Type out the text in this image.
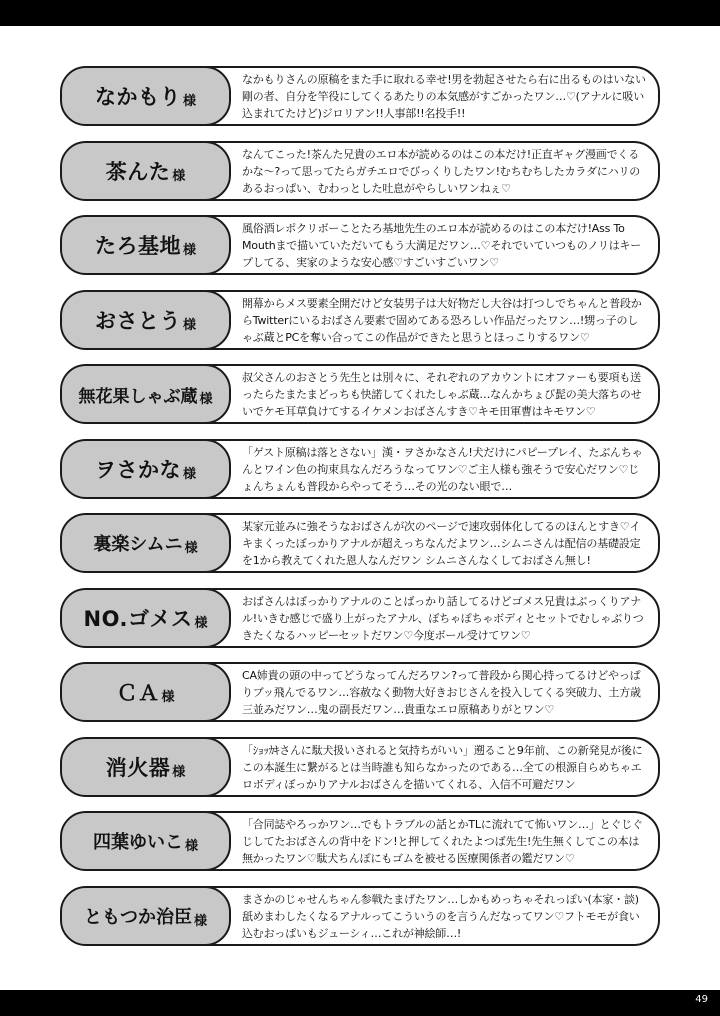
なかもり 様
なかもりさんの原稿をまた手に取れる幸せ!男を勃起させたら右に出るものはいない剛の者、自分を竿役にしてくるあたりの本気感がすごかったワン…♡(アナルに吸い込まれてたけど)ジロリアン!!人事部!!名投手!!
茶んた 様
なんてこった!茶んた兄貴のエロ本が読めるのはこの本だけ!正直ギャグ漫画でくるかな〜?って思ってたらガチエロでびっくりしたワン!むちむちしたカラダにハリのあるおっぱい、むわっとした吐息がやらしいワンねぇ♡
たろ基地 様
風俗酒レポクリボーことたろ基地先生のエロ本が読めるのはこの本だけ!Ass To Mouthまで描いていただいてもう大満足だワン…♡それでいていつものノリはキープしてる、実家のような安心感♡すごいすごいワン♡
おさとう 様
開幕からメス要素全開だけど女装男子は大好物だし大谷は打つしでちゃんと普段からTwitterにいるおばさん要素で固めてある恐ろしい作品だったワン…!甥っ子のしゃぶ蔵とPCを奪い合ってこの作品ができたと思うとほっこりするワン♡
無花果しゃぶ蔵 様
叔父さんのおさとう先生とは別々に、それぞれのアカウントにオファーも要項も送ったらたまたまどっちも快諾してくれたしゃぶ蔵…なんかちょび髭の美大落ちのせいでケモ耳草負けてするイケメンおばさんすき♡キモ田軍曹はキモワン♡
ヲさかな 様
「ゲスト原稿は落とさない」漢・ヲさかなさん!犬だけにパピープレイ、たぶんちゃんとワイン色の拘束具なんだろうなってワン♡ご主人様も強そうで安心だワン♡じょんちょんも普段からやってそう…その光のない眼で…
裏楽シムニ 様
某家元並みに強そうなおばさんが次のページで速攻弱体化してるのほんとすき♡イキまくったぼっかりアナルが超えっちなんだよワン…シムニさんは配信の基礎設定を1から教えてくれた恩人なんだワン シムニさんなくしておばさん無し!
NO.ゴメス 様
おばさんはぼっかりアナルのことばっかり話してるけどゴメス兄貴はぶっくりアナル!いきむ感じで盛り上がったアナル、ぽちゃぽちゃボディとセットでむしゃぶりつきたくなるハッピーセットだワン♡今度ボール受けてワン♡
ＣＡ 様
CA姉貴の頭の中ってどうなってんだろワン?って普段から関心持ってるけどやっぱりブッ飛んでるワン…容赦なく動物大好きおじさんを投入してくる突破力、土方歳三並みだワン…鬼の副長だワン…貴重なエロ原稿ありがとワン♡
消火器 様
「ｼｮｯｶｷさんに駄犬扱いされると気持ちがいい」遡ること9年前、この新発見が後にこの本誕生に繋がるとは当時誰も知らなかったのである…全ての根源自らめちゃエロボディぼっかりアナルおばさんを描いてくれる、入信不可避だワン
四葉ゆいこ 様
「合同誌やろっかワン…でもトラブルの話とかTLに流れてて怖いワン…」とぐじぐじしてたおばさんの背中をドン!と押してくれたよつば先生!先生無くしてこの本は無かったワン♡駄犬ちんぽにもゴムを被せる医療関係者の鑑だワン♡
ともつか治臣 様
まさかのじゃせんちゃん参戦たまげたワン…しかもめっちゃそれっぽい(本家・談)舐めまわしたくなるアナルってこういうのを言うんだなってワン♡フトモモが食い込むおっぱいもジューシィ…これが神絵師…!
49
